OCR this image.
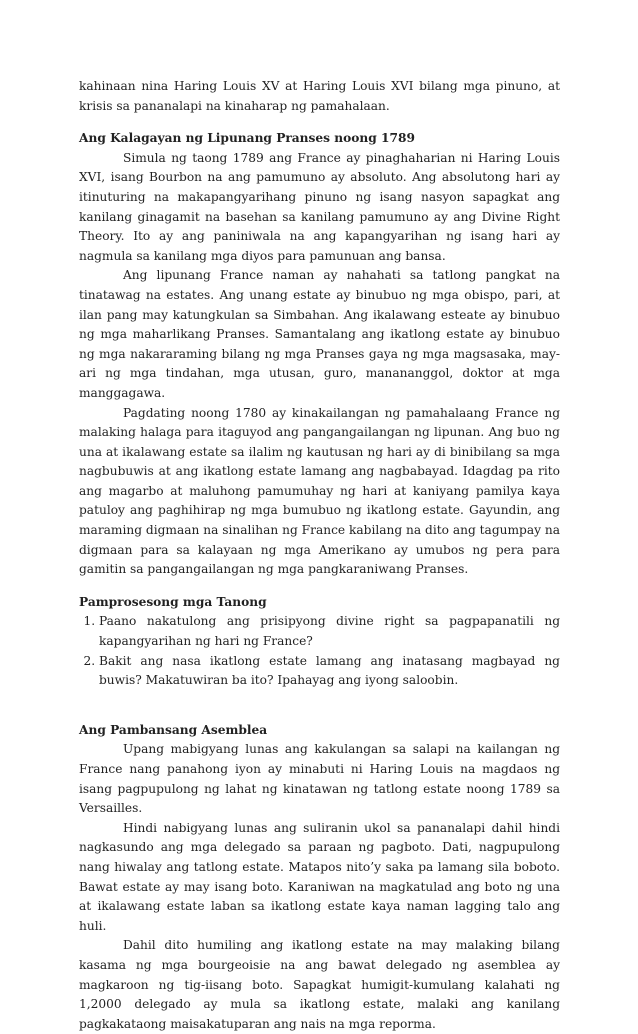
kahinaan nina Haring Louis XV at Haring Louis XVI bilang mga pinuno, at krisis sa pananalapi na kinaharap ng pamahalaan.

Ang Kalagayan ng Lipunang Pranses noong 1789

Simula ng taong 1789 ang France ay pinaghaharian ni Haring Louis XVI, isang Bourbon na ang pamumuno ay absoluto. Ang absolutong hari ay itinuturing na makapangyarihang pinuno ng isang nasyon sapagkat ang kanilang ginagamit na basehan sa kanilang pamumuno ay ang Divine Right Theory. Ito ay ang paniniwala na ang kapangyarihan ng isang hari ay nagmula sa kanilang mga diyos para pamunuan ang bansa.

Ang lipunang France naman ay nahahati sa tatlong pangkat na tinatawag na estates. Ang unang estate ay binubuo ng mga obispo, pari, at ilan pang may katungkulan sa Simbahan. Ang ikalawang esteate ay binubuo ng mga maharlikang Pranses. Samantalang ang ikatlong estate ay binubuo ng mga nakararaming bilang ng mga Pranses gaya ng mga magsasaka, may-ari ng mga tindahan, mga utusan, guro, manananggol, doktor at mga manggagawa.

Pagdating noong 1780 ay kinakailangan ng pamahalaang France ng malaking halaga para itaguyod ang pangangailangan ng lipunan. Ang buo ng una at ikalawang estate sa ilalim ng kautusan ng hari ay di binibilang sa mga nagbubuwis at ang ikatlong estate lamang ang nagbabayad. Idagdag pa rito ang magarbo at maluhong pamumuhay ng hari at kaniyang pamilya kaya patuloy ang paghihirap ng mga bumubuo ng ikatlong estate. Gayundin, ang maraming digmaan na sinalihan ng France kabilang na dito ang tagumpay na digmaan para sa kalayaan ng mga Amerikano ay umubos ng pera para gamitin sa pangangailangan ng mga pangkaraniwang Pranses.

Pamprosesong mga Tanong
1. Paano nakatulong ang prisipyong divine right sa pagpapanatili ng kapangyarihan ng hari ng France?
2. Bakit ang nasa ikatlong estate lamang ang inatasang magbayad ng buwis? Makatuwiran ba ito? Ipahayag ang iyong saloobin.
Ang Pambansang Asemblea

Upang mabigyang lunas ang kakulangan sa salapi na kailangan ng France nang panahong iyon ay minabuti ni Haring Louis na magdaos ng isang pagpupulong ng lahat ng kinatawan ng tatlong estate noong 1789 sa Versailles.

Hindi nabigyang lunas ang suliranin ukol sa pananalapi dahil hindi nagkasundo ang mga delegado sa paraan ng pagboto. Dati, nagpupulong nang hiwalay ang tatlong estate. Matapos nito’y saka pa lamang sila boboto. Bawat estate ay may isang boto. Karaniwan na magkatulad ang boto ng una at ikalawang estate laban sa ikatlong estate kaya naman lagging talo ang huli.

Dahil dito humiling ang ikatlong estate na may malaking bilang kasama ng mga bourgeoisie na ang bawat delegado ng asemblea ay magkaroon ng tig-iisang boto. Sapagkat humigit-kumulang kalahati ng 1,2000 delegado ay mula sa ikatlong estate, malaki ang kanilang pagkakataong maisakatuparan ang nais na mga reporma.
